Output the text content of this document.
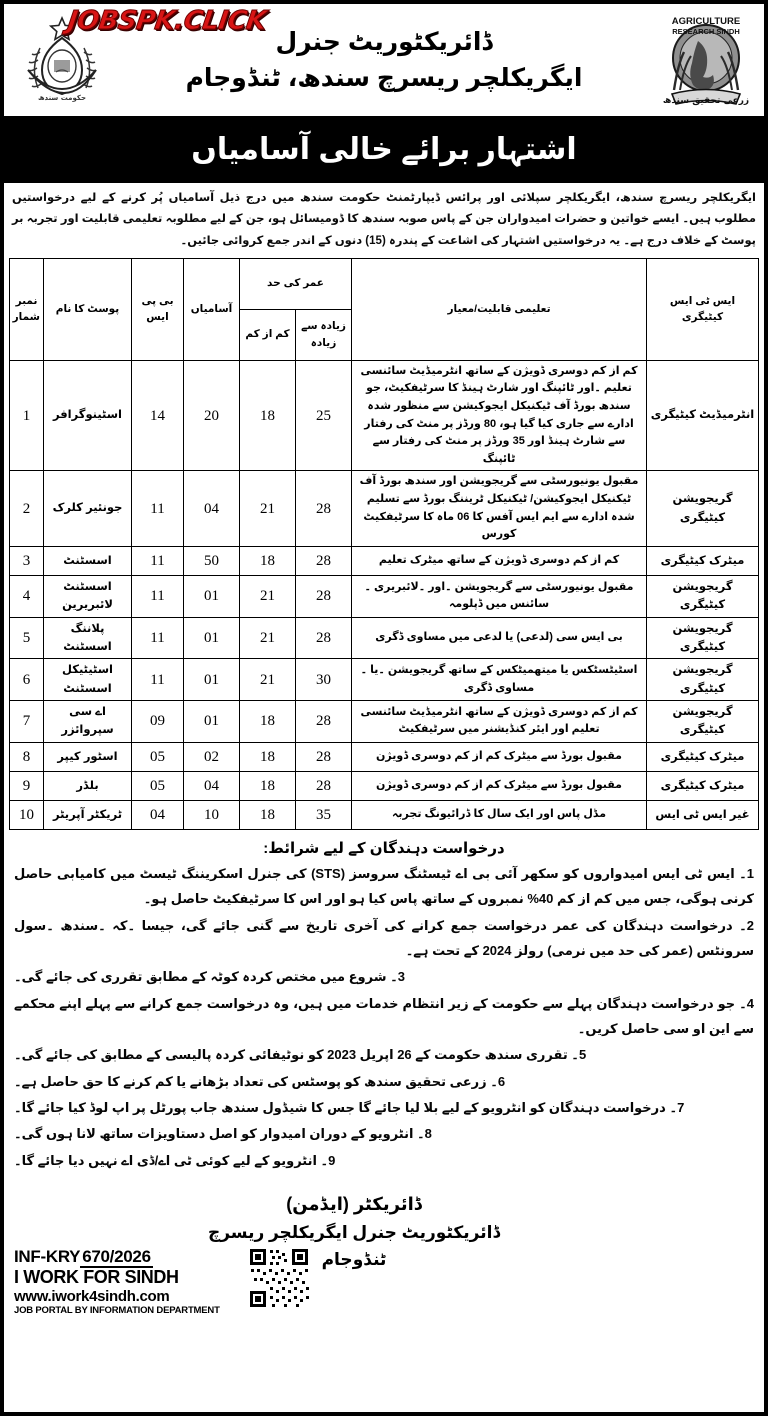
AGRICULTURE
RESEARCH SINDH
زرعی تحقیق سندھ
ڈائریکٹوریٹ جنرل
ایگریکلچر ریسرچ سندھ، ٹنڈوجام
حکومت سندھ
JOBSPK.CLICK
اشتہار برائے خالی آسامیاں
ایگریکلچر ریسرچ سندھ، ایگریکلچر سپلائی اور پرائس ڈیپارٹمنٹ حکومت سندھ میں درج ذیل آسامیاں پُر کرنے کے لیے درخواستیں مطلوب ہیں۔ ایسے خواتین و حضرات امیدواران جن کے پاس صوبہ سندھ کا ڈومیسائل ہو، جن کے لیے مطلوبہ تعلیمی قابلیت اور تجربہ بر پوسٹ کے خلاف درج ہے۔ یہ درخواستیں اشتہار کی اشاعت کے پندرہ (15) دنوں کے اندر جمع کروائی جائیں۔
ایس ٹی ایس کیٹیگری	تعلیمی قابلیت/معیار	عمر کی حد		آسامیاں	بی پی ایس	پوسٹ کا نام	نمبر شمار
		زیادہ سے زیادہ	کم از کم				
انٹرمیڈیٹ کیٹیگری	کم از کم دوسری ڈویژن کے ساتھ انٹرمیڈیٹ سائنسی تعلیم ۔اور ٹائپنگ اور شارٹ ہینڈ کا سرٹیفکیٹ، جو سندھ بورڈ آف ٹیکنیکل ایجوکیشن سے منظور شدہ ادارے سے جاری کیا گیا ہو، 80 ورڈز پر منٹ کی رفتار سے شارٹ ہینڈ اور 35 ورڈز پر منٹ کی رفتار سے ٹائپنگ	25	18	20	14	اسٹینوگرافر	1
گریجویشن کیٹیگری	مقبول یونیورسٹی سے گریجویشن اور سندھ بورڈ آف ٹیکنیکل ایجوکیشن/ ٹیکنیکل ٹریننگ بورڈ سے تسلیم شدہ ادارے سے ایم ایس آفس کا 06 ماہ کا سرٹیفکیٹ کورس	28	21	04	11	جونئیر کلرک	2
میٹرک کیٹیگری	کم از کم دوسری ڈویژن کے ساتھ میٹرک تعلیم	28	18	50	11	اسسٹنٹ	3
گریجویشن کیٹیگری	مقبول یونیورسٹی سے گریجویشن ۔اور ۔لائبریری ۔سائنس میں ڈپلومہ	28	21	01	11	اسسٹنٹ لائبریرین	4
گریجویشن کیٹیگری	بی ایس سی (لدعی) یا لدعی میں مساوی ڈگری	28	21	01	11	پلاننگ اسسٹنٹ	5
گریجویشن کیٹیگری	اسٹیٹسٹکس یا میتھمیٹکس کے ساتھ گریجویشن ۔یا ۔مساوی ڈگری	30	21	01	11	اسٹیٹیکل اسسٹنٹ	6
گریجویشن کیٹیگری	کم از کم دوسری ڈویژن کے ساتھ انٹرمیڈیٹ سائنسی تعلیم اور ایئر کنڈیشنر میں سرٹیفکیٹ	28	18	01	09	اے سی سپروائزر	7
میٹرک کیٹیگری	مقبول بورڈ سے میٹرک کم از کم دوسری ڈویژن	28	18	02	05	اسٹور کیپر	8
میٹرک کیٹیگری	مقبول بورڈ سے میٹرک کم از کم دوسری ڈویژن	28	18	04	05	بلڈر	9
غیر ایس ٹی ایس	مڈل پاس اور ایک سال کا ڈرائیونگ تجربہ	35	18	10	04	ٹریکٹر آپریٹر	10
درخواست دہندگان کے لیے شرائط:
1۔ ایس ٹی ایس امیدواروں کو سکھر آئی بی اے ٹیسٹنگ سروسز (STS) کی جنرل اسکریننگ ٹیسٹ میں کامیابی حاصل کرنی ہوگی، جس میں کم از کم 40% نمبروں کے ساتھ پاس کیا ہو اور اس کا سرٹیفکیٹ حاصل ہو۔
2۔ درخواست دہندگان کی عمر درخواست جمع کرانے کی آخری تاریخ سے گنی جائے گی، جیسا ۔کہ ۔سندھ ۔سول سرونٹس (عمر کی حد میں نرمی) رولز 2024 کے تحت ہے۔
3۔ شروع میں مختص کردہ کوٹہ کے مطابق تقرری کی جائے گی۔
4۔ جو درخواست دہندگان پہلے سے حکومت کے زیر انتظام خدمات میں ہیں، وہ درخواست جمع کرانے سے پہلے اپنے محکمے سے این او سی حاصل کریں۔
5۔ تقرری سندھ حکومت کے 26 اپریل 2023 کو نوٹیفائی کردہ پالیسی کے مطابق کی جائے گی۔
6۔ زرعی تحقیق سندھ کو پوسٹس کی تعداد بڑھانے یا کم کرنے کا حق حاصل ہے۔
7۔ درخواست دہندگان کو انٹرویو کے لیے بلا لیا جائے گا جس کا شیڈول سندھ جاب پورٹل پر اپ لوڈ کیا جائے گا۔
8۔ انٹرویو کے دوران امیدوار کو اصل دستاویزات ساتھ لانا ہوں گی۔
9۔ انٹرویو کے لیے کوئی ٹی اے/ڈی اے نہیں دیا جائے گا۔
ڈائریکٹر (ایڈمن)
ڈائریکٹوریٹ جنرل ایگریکلچر ریسرچ
ٹنڈوجام
INF-KRY 670/2026
I WORK FOR SINDH
www.iwork4sindh.com
JOB PORTAL BY INFORMATION DEPARTMENT
